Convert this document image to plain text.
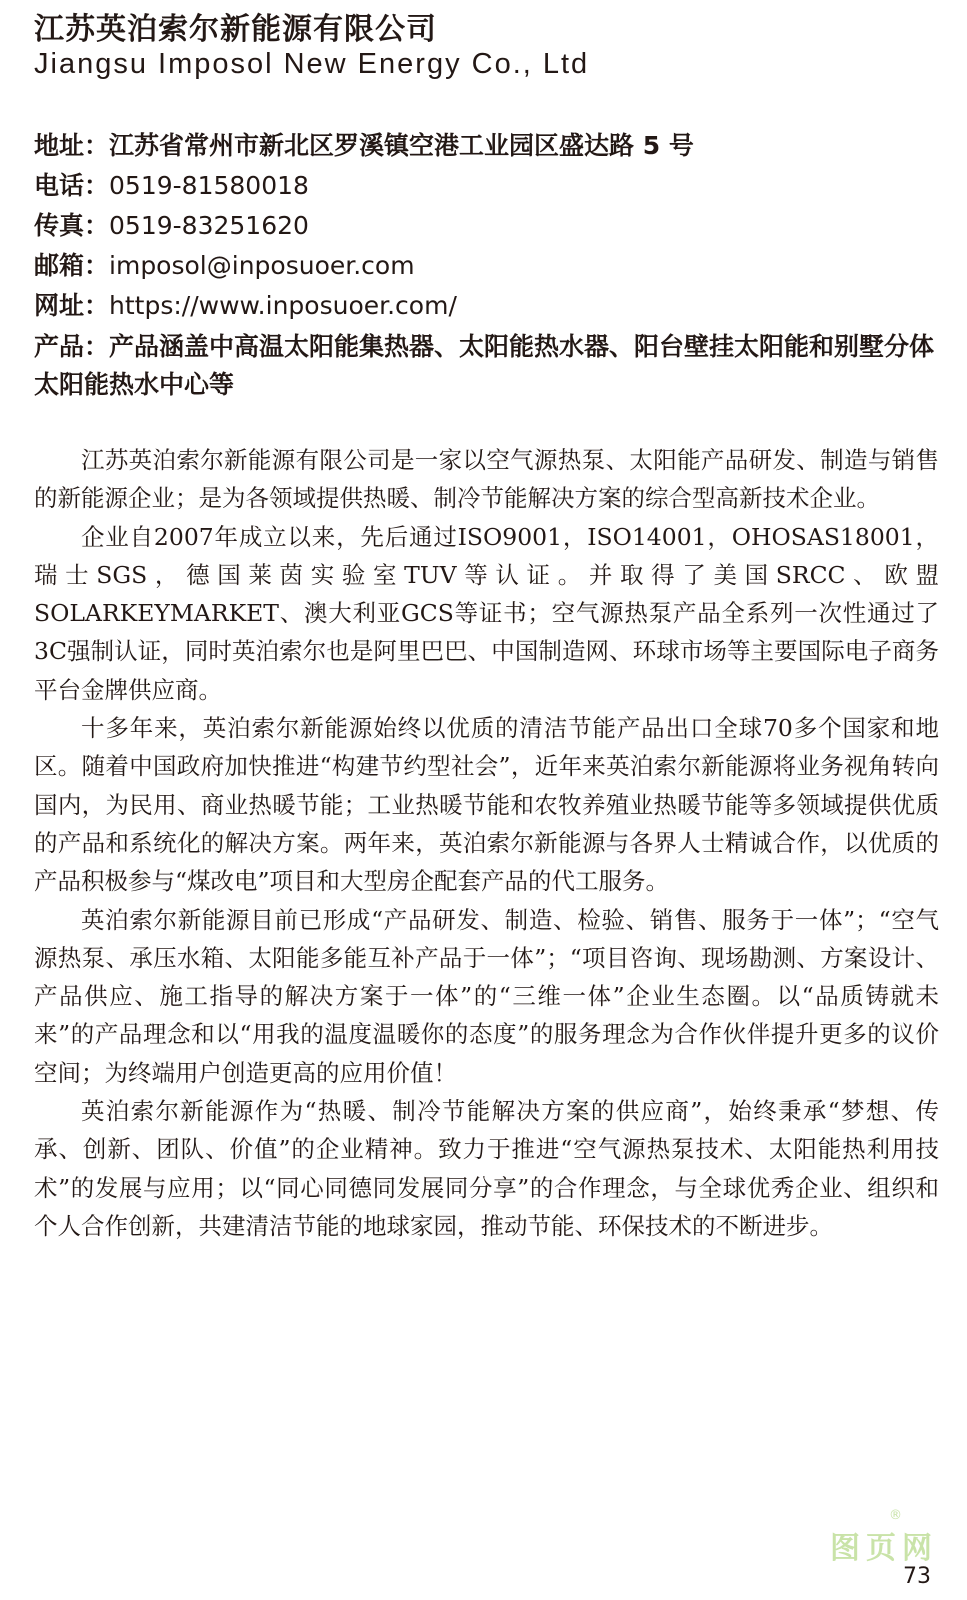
江苏英泊索尔新能源有限公司
Jiangsu Imposol New Energy Co., Ltd
地址：江苏省常州市新北区罗溪镇空港工业园区盛达路 5 号
电话：0519-81580018
传真：0519-83251620
邮箱：imposol@inposuoer.com
网址：https://www.inposuoer.com/
产品：产品涵盖中高温太阳能集热器、太阳能热水器、阳台壁挂太阳能和别墅分体太阳能热水中心等

江苏英泊索尔新能源有限公司是一家以空气源热泵、太阳能产品研发、制造与销售的新能源企业；是为各领域提供热暖、制冷节能解决方案的综合型高新技术企业。

企业自2007年成立以来，先后通过ISO9001，ISO14001，OHOSAS18001，瑞士SGS，德国莱茵实验室TUV等认证。并取得了美国SRCC、欧盟SOLARKEYMARKET、澳大利亚GCS等证书；空气源热泵产品全系列一次性通过了3C强制认证，同时英泊索尔也是阿里巴巴、中国制造网、环球市场等主要国际电子商务平台金牌供应商。

十多年来，英泊索尔新能源始终以优质的清洁节能产品出口全球70多个国家和地区。随着中国政府加快推进“构建节约型社会”，近年来英泊索尔新能源将业务视角转向国内，为民用、商业热暖节能；工业热暖节能和农牧养殖业热暖节能等多领域提供优质的产品和系统化的解决方案。两年来，英泊索尔新能源与各界人士精诚合作，以优质的产品积极参与“煤改电”项目和大型房企配套产品的代工服务。

英泊索尔新能源目前已形成“产品研发、制造、检验、销售、服务于一体”；“空气源热泵、承压水箱、太阳能多能互补产品于一体”；“项目咨询、现场勘测、方案设计、产品供应、施工指导的解决方案于一体”的“三维一体”企业生态圈。以“品质铸就未来”的产品理念和以“用我的温度温暖你的态度”的服务理念为合作伙伴提升更多的议价空间；为终端用户创造更高的应用价值！

英泊索尔新能源作为“热暖、制冷节能解决方案的供应商”，始终秉承“梦想、传承、创新、团队、价值”的企业精神。致力于推进“空气源热泵技术、太阳能热利用技术”的发展与应用；以“同心同德同发展同分享”的合作理念，与全球优秀企业、组织和个人合作创新，共建清洁节能的地球家园，推动节能、环保技术的不断进步。

®
图页网
73
